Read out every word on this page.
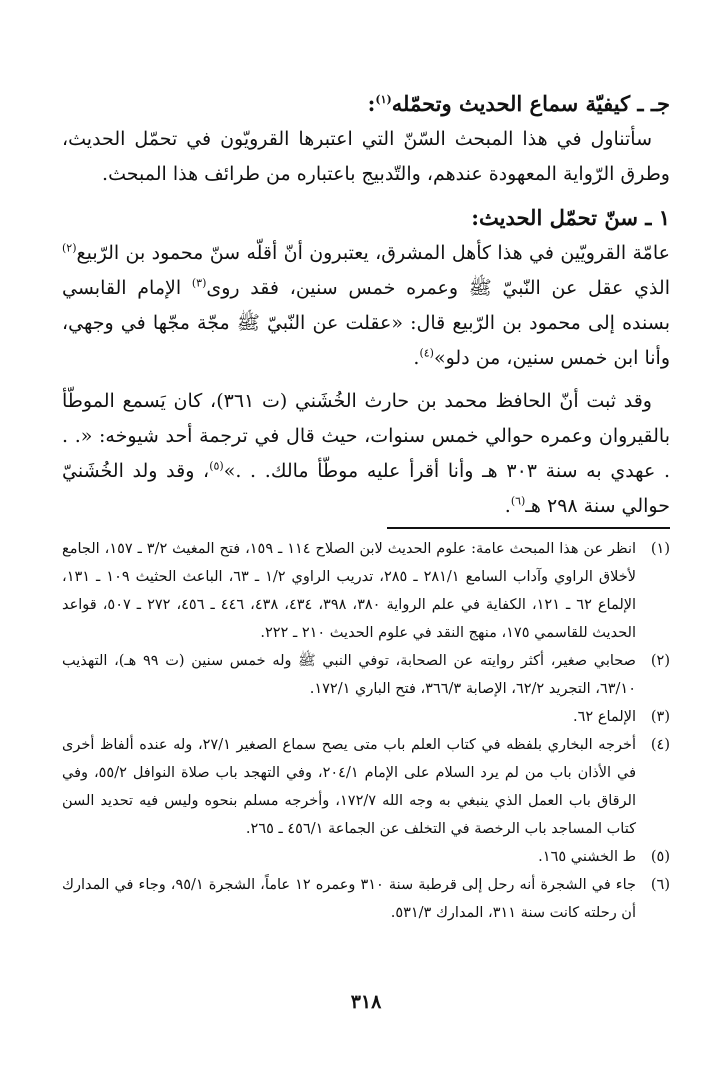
جـ ـ كيفيّة سماع الحديث وتحمّله$^{(١)}$:

سأتناول في هذا المبحث السّنّ التي اعتبرها القرويّون في تحمّل الحديث، وطرق الرّواية المعهودة عندهم، والتّدبيج باعتباره من طرائف هذا المبحث.

١ ـ سنّ تحمّل الحديث:

عامّة القرويّين في هذا كأهل المشرق، يعتبرون أنّ أقلّه سنّ محمود بن الرّبيع$^{(٢)}$ الذي عقل عن النّبيّ ﷺ وعمره خمس سنين، فقد روى$^{(٣)}$ الإمام القابسي بسنده إلى محمود بن الرّبيع قال: «عقلت عن النّبيّ ﷺ مجّة مجّها في وجهي، وأنا ابن خمس سنين، من دلو»$^{(٤)}$.

وقد ثبت أنّ الحافظ محمد بن حارث الخُشَني (ت ٣٦١)، كان يَسمع الموطّأ بالقيروان وعمره حوالي خمس سنوات، حيث قال في ترجمة أحد شيوخه: «. . . عهدي به سنة ٣٠٣ هـ وأنا أقرأ عليه موطّأ مالك. . .»$^{(٥)}$، وقد ولد الخُشَنيّ حوالي سنة ٢٩٨ هـ$^{(٦)}$.

(١)
انظر عن هذا المبحث عامة: علوم الحديث لابن الصلاح ١١٤ ـ ١٥٩، فتح المغيث ٣/٢ ـ ١٥٧، الجامع لأخلاق الراوي وآداب السامع ٢٨١/١ ـ ٢٨٥، تدريب الراوي ١/٢ ـ ٦٣، الباعث الحثيث ١٠٩ ـ ١٣١، الإلماع ٦٢ ـ ١٢١، الكفاية في علم الرواية ٣٨٠، ٣٩٨، ٤٣٤، ٤٣٨، ٤٤٦ ـ ٤٥٦، ٢٧٢ ـ ٥٠٧، قواعد الحديث للقاسمي ١٧٥، منهج النقد في علوم الحديث ٢١٠ ـ ٢٢٢.
(٢)
صحابي صغير، أكثر روايته عن الصحابة، توفي النبي ﷺ وله خمس سنين (ت ٩٩ هـ)، التهذيب ٦٣/١٠، التجريد ٦٢/٢، الإصابة ٣٦٦/٣، فتح الباري ١٧٢/١.
(٣)
الإلماع ٦٢.
(٤)
أخرجه البخاري بلفظه في كتاب العلم باب متى يصح سماع الصغير ٢٧/١، وله عنده ألفاظ أخرى في الأذان باب من لم يرد السلام على الإمام ٢٠٤/١، وفي التهجد باب صلاة النوافل ٥٥/٢، وفي الرقاق باب العمل الذي ينبغي به وجه الله ١٧٢/٧، وأخرجه مسلم بنحوه وليس فيه تحديد السن كتاب المساجد باب الرخصة في التخلف عن الجماعة ٤٥٦/١ ـ ٢٦٥.
(٥)
ط الخشني ١٦٥.
(٦)
جاء في الشجرة أنه رحل إلى قرطبة سنة ٣١٠ وعمره ١٢ عاماً، الشجرة ٩٥/١، وجاء في المدارك أن رحلته كانت سنة ٣١١، المدارك ٥٣١/٣.
٣١٨
